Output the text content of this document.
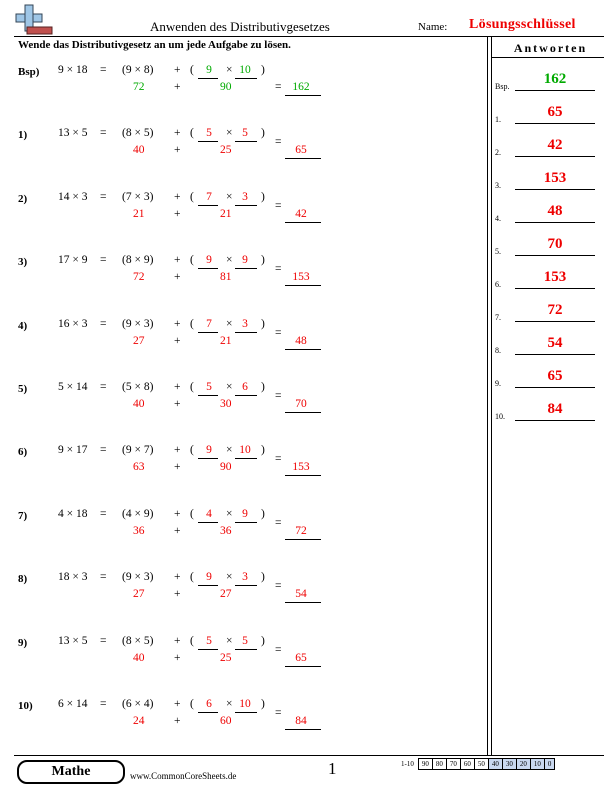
Anwenden des Distributivgesetzes	Name: Lösungsschlüssel
Wende das Distributivgesetz an um jede Aufgabe zu lösen.	Antworten
Bsp) 9 × 18 = (9 × 8) + ( 9 × 10 )
72	+	90	= 162
1)	13 × 5 = (8 × 5) + ( 5 × 5	)
40	+	25
=
65
2)	14 × 3 = (7 × 3) + ( 7 × 3	)
21	+	21
=
42
3)	17 × 9 = (8 × 9) + ( 9 × 9	)
72	+	81
=
153
4)	16 × 3 = (9 × 3) + ( 7 × 3	)
27	+	21
=
48
5)	5 × 14 = (5 × 8) + ( 5 × 6	)
40	+	30
=
70
6)	9 × 17 = (9 × 7) + ( 9 × 10 )
63	+	90
=
153
7)	4 × 18 = (4 × 9) + ( 4 × 9	)
36	+	36
=
72
8)	18 × 3 = (9 × 3) + ( 9 × 3	)
27	+	27
=
54
9)	13 × 5 = (8 × 5) + ( 5 × 5	)
40	+	25
=
65
10) 6 × 14 = (6 × 4) + ( 6 × 10 )
24	+	60
=
84
Bsp.	162
1.	65
2.	42
3.	153
4.	48
5.	70
6.	153
7.	72
8.	54
9.	65
10.	84
Mathe	www.CommonCoreSheets.de	1	1-10	90	80	70	60	50	40	30	20	10	0
